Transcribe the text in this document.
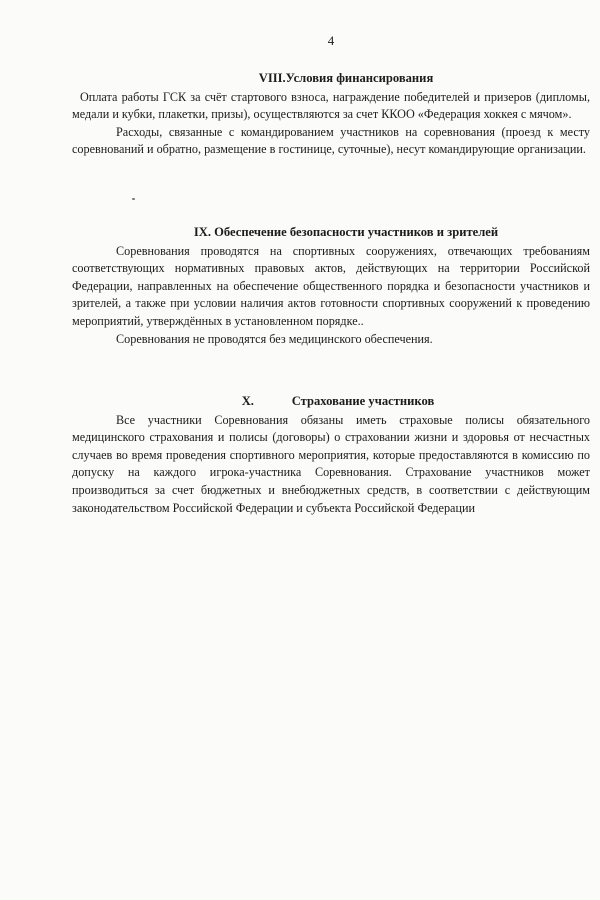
4
VIII.Условия финансирования

Оплата работы ГСК за счёт стартового взноса, награждение победителей и призеров (дипломы, медали и кубки, плакетки, призы), осуществляются за счет ККОО «Федерация хоккея с мячом».

Расходы, связанные с командированием участников на соревнования (проезд к месту соревнований и обратно, размещение в гостинице, суточные), несут командирующие организации.

IX. Обеспечение безопасности участников и зрителей

Соревнования проводятся на спортивных сооружениях, отвечающих требованиям соответствующих нормативных правовых актов, действующих на территории Российской Федерации, направленных на обеспечение общественного порядка и безопасности участников и зрителей, а также при условии наличия актов готовности спортивных сооружений к проведению мероприятий, утверждённых в установленном порядке..

Соревнования не проводятся без медицинского обеспечения.

X.	Страхование участников

Все участники Соревнования обязаны иметь страховые полисы обязательного медицинского страхования и полисы (договоры) о страховании жизни и здоровья от несчастных случаев во время проведения спортивного мероприятия, которые предоставляются в комиссию по допуску на каждого игрока-участника Соревнования. Страхование участников может производиться за счет бюджетных и внебюджетных средств, в соответствии с действующим законодательством Российской Федерации и субъекта Российской Федерации
